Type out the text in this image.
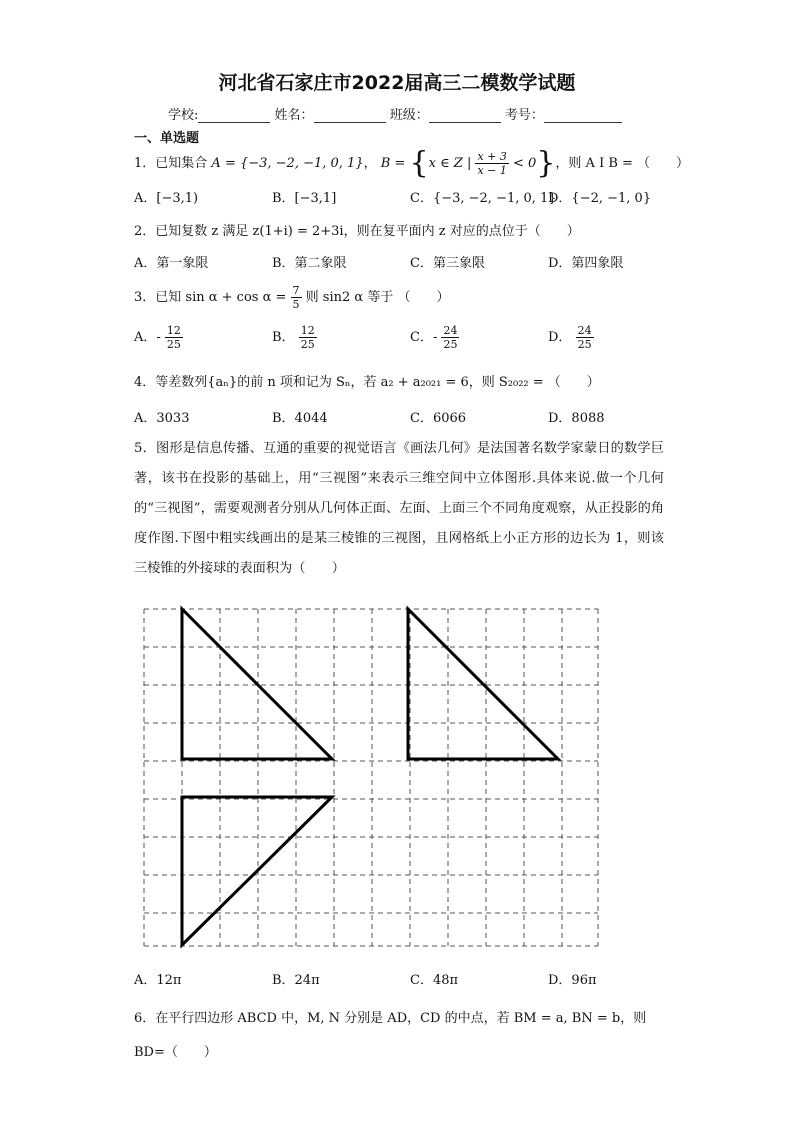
河北省石家庄市2022届高三二模数学试题
学校:	姓名：	班级：	考号：
一、单选题
1．已知集合 A = {−3, −2, −1, 0, 1}， B = {x ∈ Z | $\frac{x + 3}{x - 1} < 0$}，则 A I B = （　　）
A．[−3,1)	B．[−3,1]	C．{−3, −2, −1, 0, 1}
D．{−2, −1, 0}
2．已知复数 z 满足 z(1+i) = 2+3i，则在复平面内 z 对应的点位于（　　）
A．第一象限	B．第二象限	C．第三象限	D．第四象限
3．已知 $\sin \alpha + \cos \alpha = \frac{7}{5}$ 则 sin2 α 等于 （　　）
A．- $\frac{12}{25}$	B． $\frac{12}{25}$	C．- $\frac{24}{25}$	D． $\frac{24}{25}$
4．等差数列{aₙ}的前 n 项和记为 Sₙ，若 a₂ + a₂₀₂₁ = 6，则 S₂₀₂₂ = （　　）
A．3033	B．4044	C．6066	D．8088
5．图形是信息传播、互通的重要的视觉语言《画法几何》是法国著名数学家蒙日的数学巨著，该书在投影的基础上，用“三视图”来表示三维空间中立体图形.具体来说.做一个几何的“三视图”，需要观测者分别从几何体正面、左面、上面三个不同角度观察，从正投影的角度作图.下图中粗实线画出的是某三棱锥的三视图，且网格纸上小正方形的边长为 1，则该三棱锥的外接球的表面积为（　　）
A．12π	B．24π	C．48π	D．96π
6．在平行四边形 ABCD 中，M, N 分别是 AD，CD 的中点，若 BM = a, BN = b，则
BD=（　　）
